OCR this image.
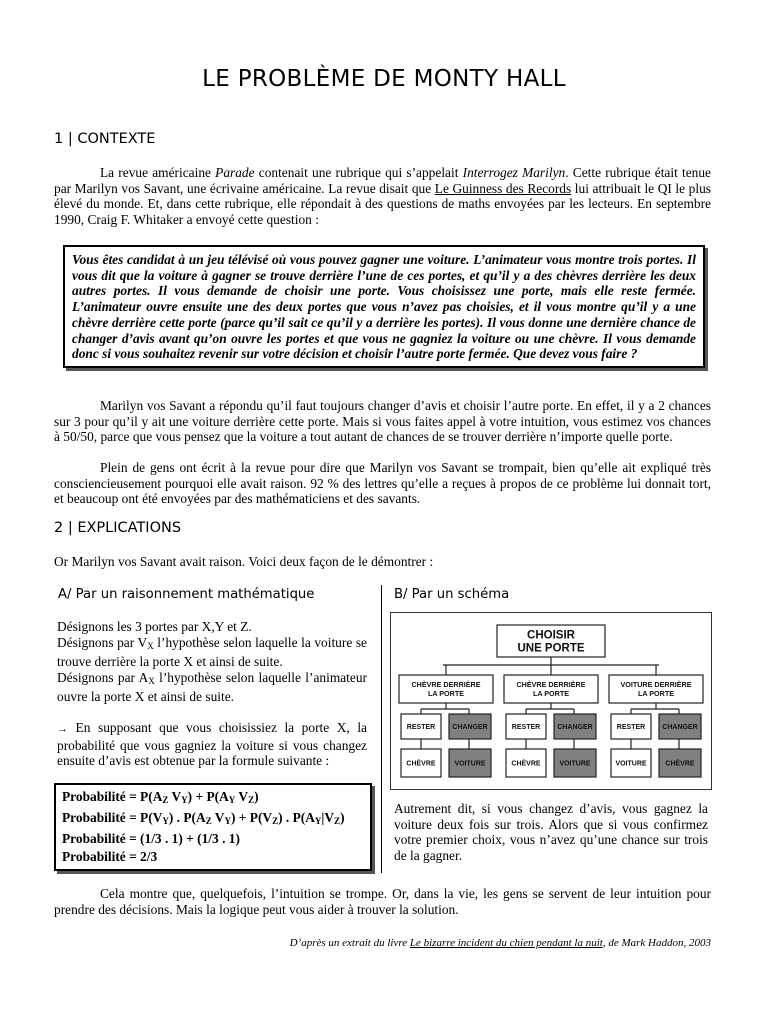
LE PROBLÈME DE MONTY HALL
1 | CONTEXTE
La revue américaine Parade contenait une rubrique qui s’appelait Interrogez Marilyn. Cette rubrique était tenue par Marilyn vos Savant, une écrivaine américaine. La revue disait que Le Guinness des Records lui attribuait le QI le plus élevé du monde. Et, dans cette rubrique, elle répondait à des questions de maths envoyées par les lecteurs. En septembre 1990, Craig F. Whitaker a envoyé cette question :
Vous êtes candidat à un jeu télévisé où vous pouvez gagner une voiture. L’animateur vous montre trois portes. Il vous dit que la voiture à gagner se trouve derrière l’une de ces portes, et qu’il y a des chèvres derrière les deux autres portes. Il vous demande de choisir une porte. Vous choisissez une porte, mais elle reste fermée. L’animateur ouvre ensuite une des deux portes que vous n’avez pas choisies, et il vous montre qu’il y a une chèvre derrière cette porte (parce qu’il sait ce qu’il y a derrière les portes). Il vous donne une dernière chance de changer d’avis avant qu’on ouvre les portes et que vous ne gagniez la voiture ou une chèvre. Il vous demande donc si vous souhaitez revenir sur votre décision et choisir l’autre porte fermée. Que devez vous faire ?
Marilyn vos Savant a répondu qu’il faut toujours changer d’avis et choisir l’autre porte. En effet, il y a 2 chances sur 3 pour qu’il y ait une voiture derrière cette porte. Mais si vous faites appel à votre intuition, vous estimez vos chances à 50/50, parce que vous pensez que la voiture a tout autant de chances de se trouver derrière n’importe quelle porte.
Plein de gens ont écrit à la revue pour dire que Marilyn vos Savant se trompait, bien qu’elle ait expliqué très consciencieusement pourquoi elle avait raison. 92 % des lettres qu’elle a reçues à propos de ce problème lui donnait tort, et beaucoup ont été envoyées par des mathématiciens et des savants.
2 | EXPLICATIONS
Or Marilyn vos Savant avait raison. Voici deux façon de le démontrer :
A/ Par un raisonnement mathématique	B/ Par un schéma
Désignons les 3 portes par X,Y et Z.
Désignons par $V_X$ l’hypothèse selon laquelle la voiture se trouve derrière la porte X et ainsi de suite.
Désignons par $A_X$ l’hypothèse selon laquelle l’animateur ouvre la porte X et ainsi de suite.
→ En supposant que vous choisissiez la porte X, la probabilité que vous gagniez la voiture si vous changez ensuite d’avis est obtenue par la formule suivante :
Probabilité = $P(A_Z$ $V_Y) + P(A_Y$ $V_Z$)
Probabilité = $P(V_Y)$ . $P(A_Z$ $V_Y) + P(V_Z)$ . $P(A_Y|V_Z)$
Probabilité = (1/3 . 1) + (1/3 . 1)
Probabilité = 2/3
CHOISIR
UNE PORTE
CHÈVRE DERRIÈRE
LA PORTE
RESTER CHANGER
CHÈVRE	VOITURE
CHÈVRE DERRIÈRE
LA PORTE
RESTER CHANGER
CHÈVRE	VOITURE
VOITURE DERRIÈRE
LA PORTE
RESTER CHANGER
VOITURE	CHÈVRE
Autrement dit, si vous changez d’avis, vous gagnez la voiture deux fois sur trois. Alors que si vous confirmez votre premier choix, vous n’avez qu’une chance sur trois de la gagner.
Cela montre que, quelquefois, l’intuition se trompe. Or, dans la vie, les gens se servent de leur intuition pour prendre des décisions. Mais la logique peut vous aider à trouver la solution.
D’après un extrait du livre Le bizarre incident du chien pendant la nuit, de Mark Haddon, 2003
